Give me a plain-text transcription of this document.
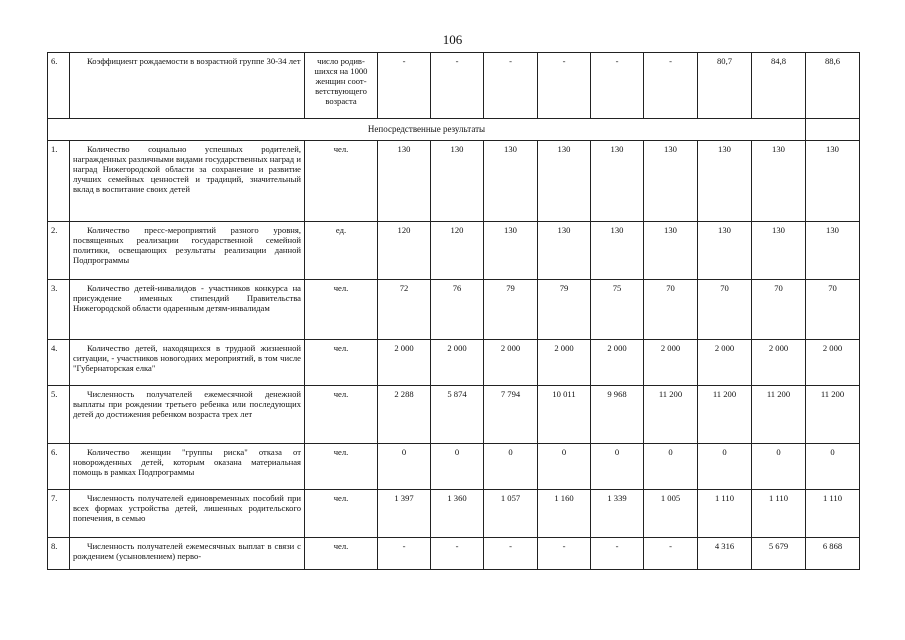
106
6.	Коэффициент рождаемости в возрастной группе 30-34 лет	число родив-шихся на 1000 женщин соот-ветствующего возраста	-	-	-	-	-	-	80,7	84,8	88,6
Непосредственные результаты											
1.	Количество социально успешных родителей, награжденных различными видами государственных наград и наград Нижегородской области за сохранение и развитие лучших семейных ценностей и традиций, значительный вклад в воспитание своих детей	чел.	130	130	130	130	130	130	130	130	130
2.	Количество пресс-мероприятий разного уровня, посвященных реализации государственной семейной политики, освещающих результаты реализации данной Подпрограммы	ед.	120	120	130	130	130	130	130	130	130
3.	Количество детей-инвалидов - участников конкурса на присуждение именных стипендий Правительства Нижегородской области одаренным детям-инвалидам	чел.	72	76	79	79	75	70	70	70	70
4.	Количество детей, находящихся в трудной жизненной ситуации, - участников новогодних мероприятий, в том числе "Губернаторская елка"	чел.	2 000	2 000	2 000	2 000	2 000	2 000	2 000	2 000	2 000
5.	Численность получателей ежемесячной денежной выплаты при рождении третьего ребенка или последующих детей до достижения ребенком возраста трех лет	чел.	2 288	5 874	7 794	10 011	9 968	11 200	11 200	11 200	11 200
6.	Количество женщин "группы риска" отказа от новорожденных детей, которым оказана материальная помощь в рамках Подпрограммы	чел.	0	0	0	0	0	0	0	0	0
7.	Численность получателей единовременных пособий при всех формах устройства детей, лишенных родительского попечения, в семью	чел.	1 397	1 360	1 057	1 160	1 339	1 005	1 110	1 110	1 110
8.	Численность получателей ежемесячных выплат в связи с рождением (усыновлением) перво-	чел.	-	-	-	-	-	-	4 316	5 679	6 868
